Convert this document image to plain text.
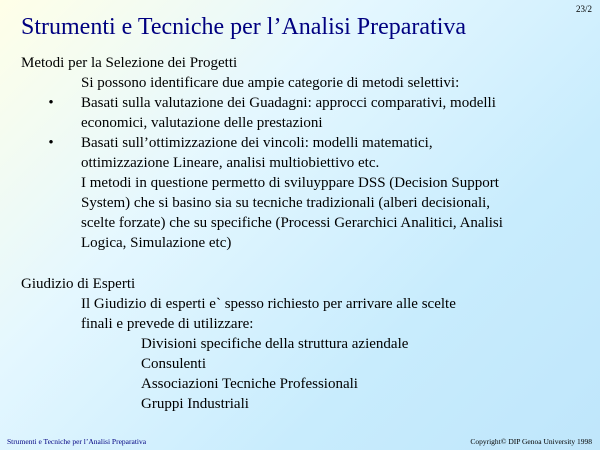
23/2
Strumenti e Tecniche per l’Analisi Preparativa
Metodi per la Selezione dei Progetti
Si possono identificare due ampie categorie di metodi selettivi:
•	Basati sulla valutazione dei Guadagni: approcci comparativi, modelli
economici, valutazione delle prestazioni
•	Basati sull’ottimizzazione dei vincoli: modelli matematici,
ottimizzazione Lineare, analisi multiobiettivo etc.
I metodi in questione permetto di sviluyppare DSS (Decision Support
System) che si basino sia su tecniche tradizionali (alberi decisionali,
scelte forzate) che su specifiche (Processi Gerarchici Analitici, Analisi
Logica, Simulazione etc)
Giudizio di Esperti
Il Giudizio di esperti e` spesso richiesto per arrivare alle scelte
finali e prevede di utilizzare:
Divisioni specifiche della struttura aziendale
Consulenti
Associazioni Tecniche Professionali
Gruppi Industriali
Strumenti e Tecniche per l’Analisi Preparativa	Copyright© DIP Genoa University 1998
